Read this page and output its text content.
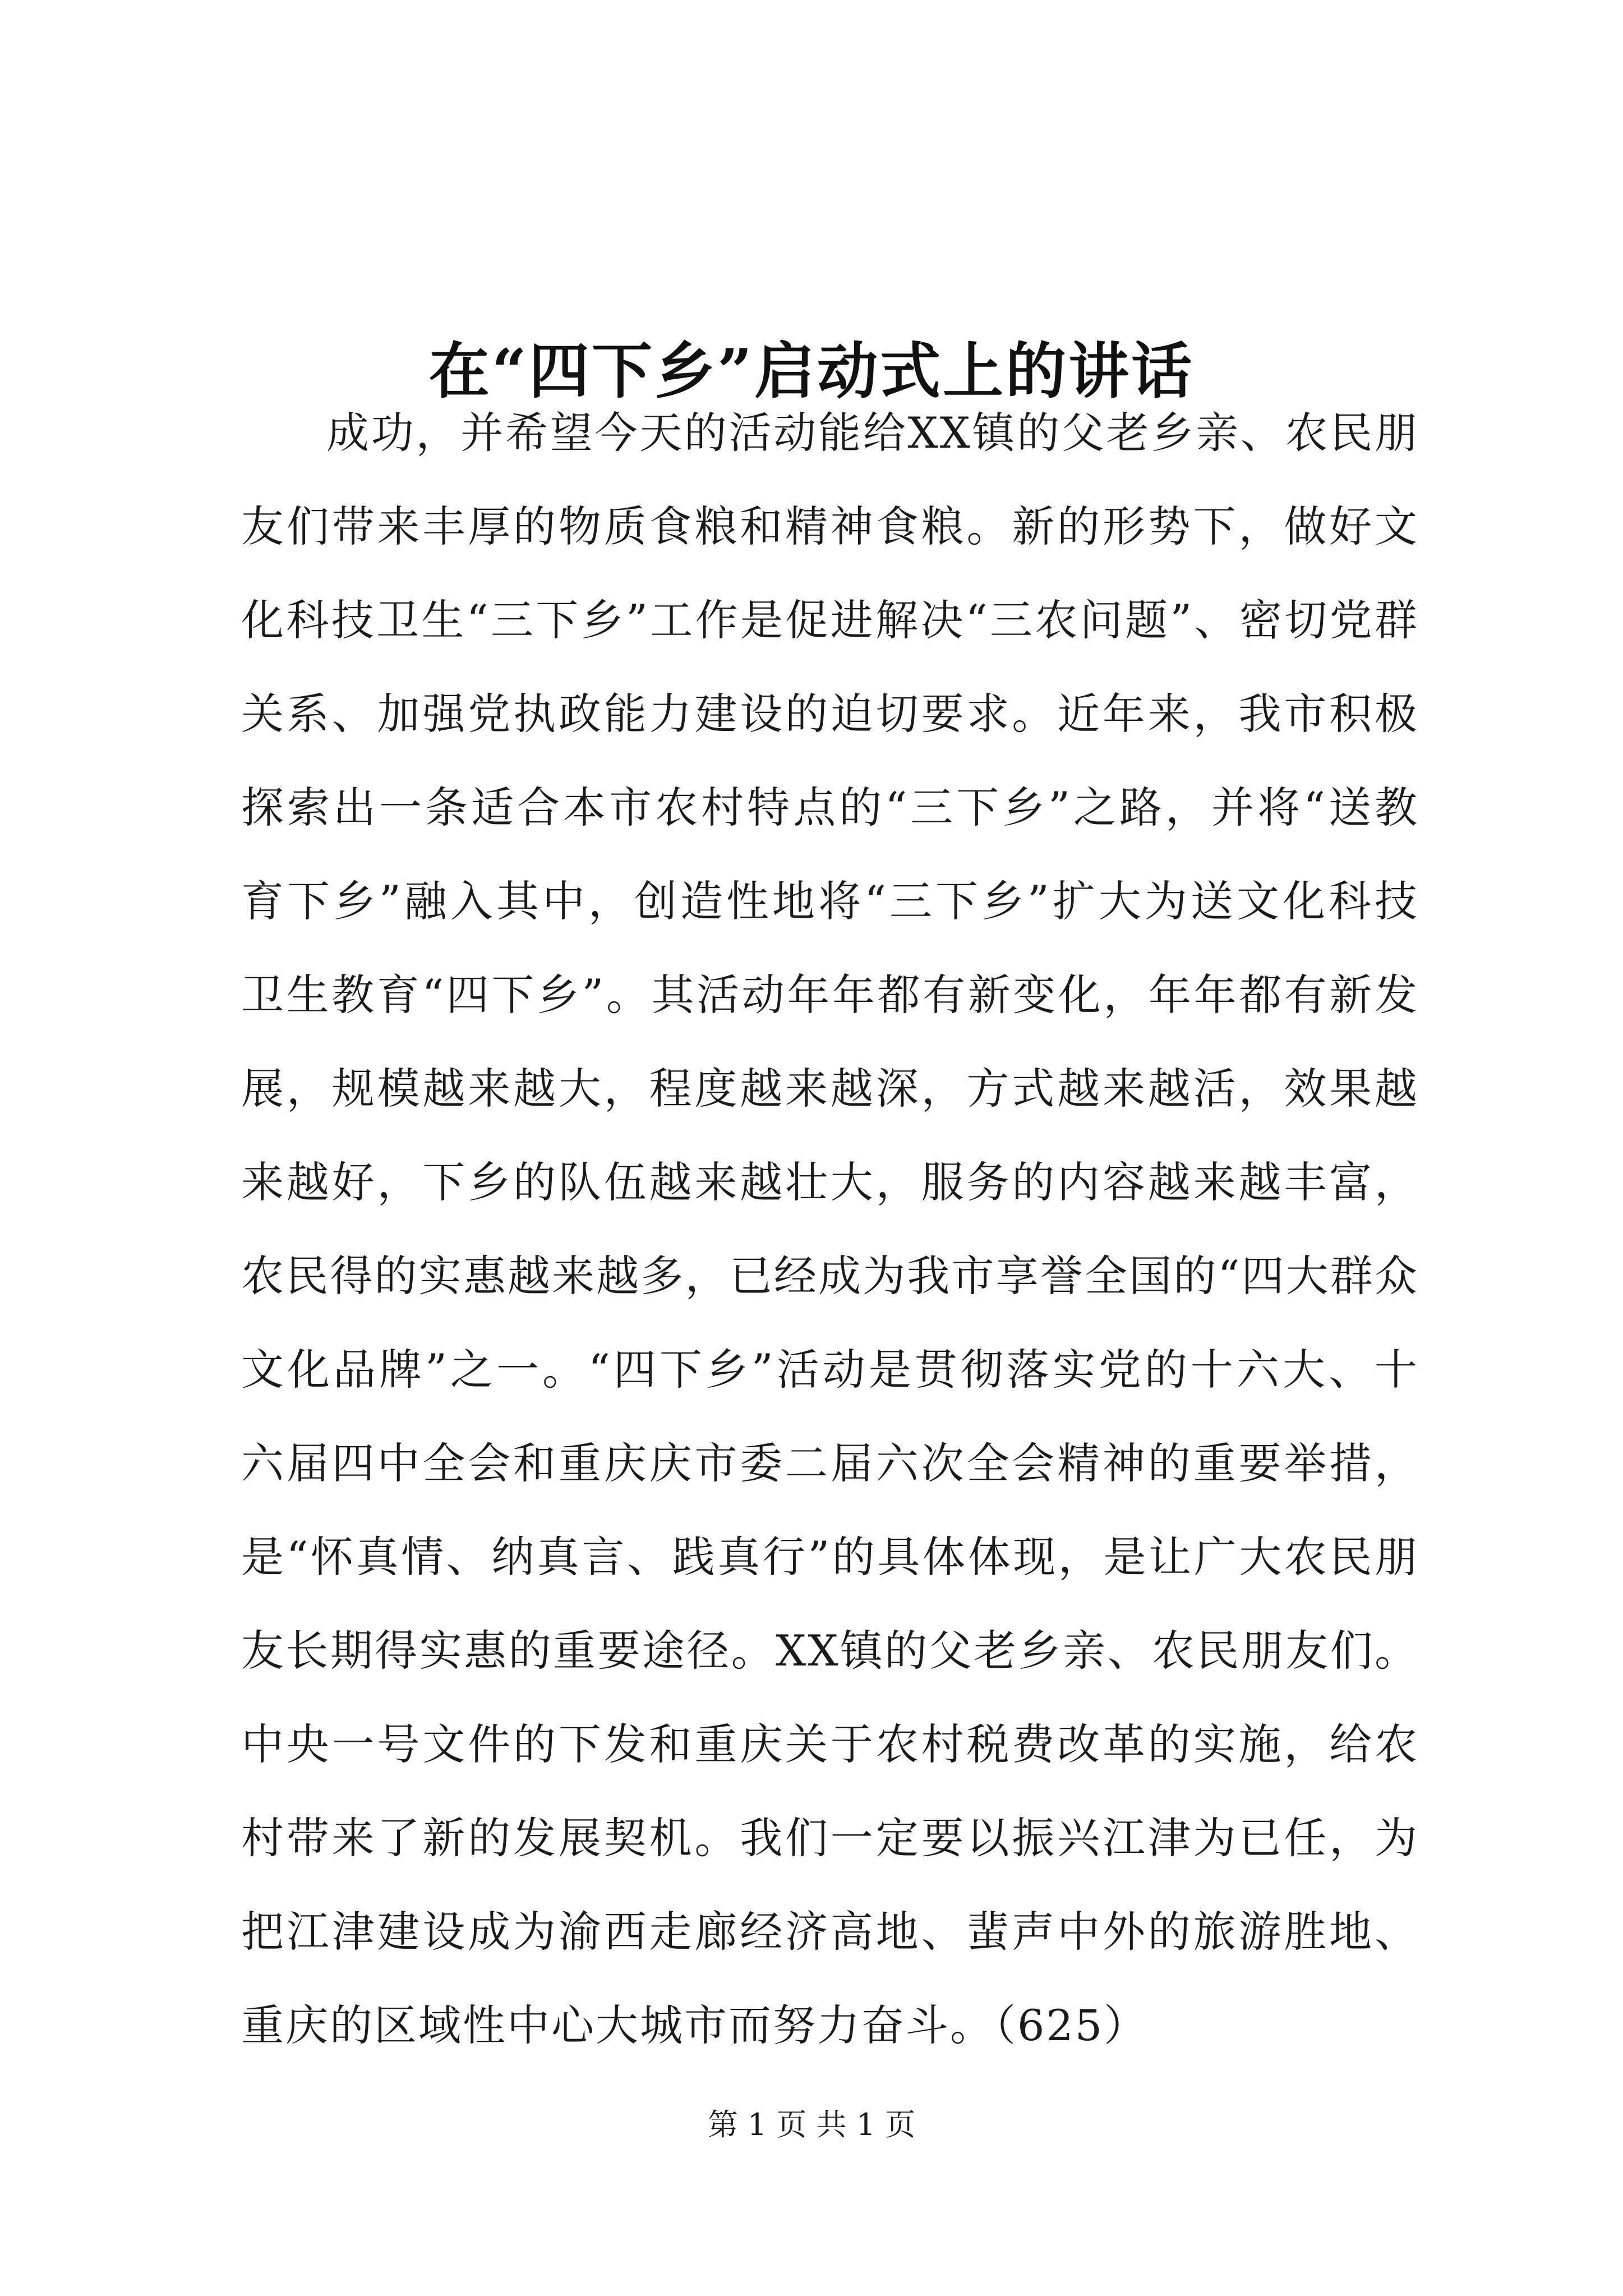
在“四下乡”启动式上的讲话

成功，并希望今天的活动能给XX镇的父老乡亲、农民朋友们带来丰厚的物质食粮和精神食粮。新的形势下，做好文化科技卫生“三下乡”工作是促进解决“三农问题”、密切党群关系、加强党执政能力建设的迫切要求。近年来，我市积极探索出一条适合本市农村特点的“三下乡”之路，并将“送教育下乡”融入其中，创造性地将“三下乡”扩大为送文化科技卫生教育“四下乡”。其活动年年都有新变化，年年都有新发展，规模越来越大，程度越来越深，方式越来越活，效果越来越好，下乡的队伍越来越壮大，服务的内容越来越丰富，农民得的实惠越来越多，已经成为我市享誉全国的“四大群众文化品牌”之一。“四下乡”活动是贯彻落实党的十六大、十六届四中全会和重庆庆市委二届六次全会精神的重要举措，是“怀真情、纳真言、践真行”的具体体现，是让广大农民朋友长期得实惠的重要途径。XX镇的父老乡亲、农民朋友们。中央一号文件的下发和重庆关于农村税费改革的实施，给农村带来了新的发展契机。我们一定要以振兴江津为已任，为把江津建设成为渝西走廊经济高地、蜚声中外的旅游胜地、重庆的区域性中心大城市而努力奋斗。（625）

第 1 页 共 1 页
